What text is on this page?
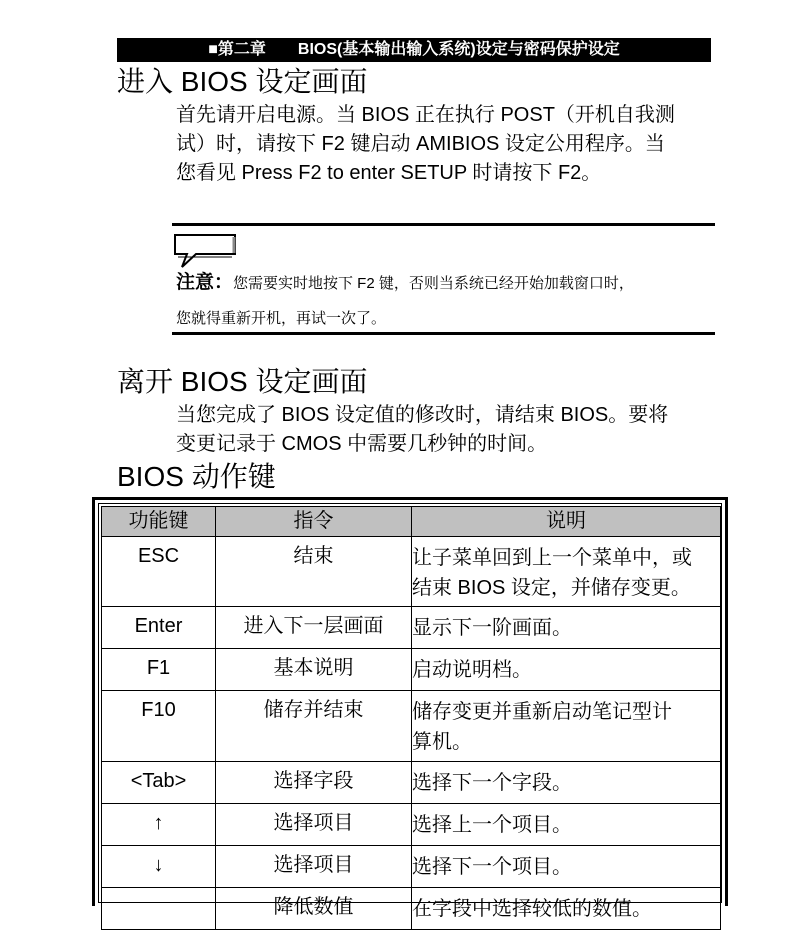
■第二章　　BIOS(基本输出输入系统)设定与密码保护设定
进入 BIOS 设定画面
首先请开启电源。当 BIOS 正在执行 POST（开机自我测
试）时，请按下 F2 键启动 AMIBIOS 设定公用程序。当
您看见 Press F2 to enter SETUP 时请按下 F2。
注意：您需要实时地按下 F2 键，否则当系统已经开始加载窗口时，
您就得重新开机，再试一次了。
离开 BIOS 设定画面
当您完成了 BIOS 设定值的修改时，请结束 BIOS。要将
变更记录于 CMOS 中需要几秒钟的时间。
BIOS 动作键
功能键	指令	说明
ESC	结束	让子菜单回到上一个菜单中，或
结束 BIOS 设定，并储存变更。

Enter	进入下一层画面	显示下一阶画面。

F1	基本说明	启动说明档。

F10	储存并结束	储存变更并重新启动笔记型计
算机。

<Tab>	选择字段	选择下一个字段。

↑	选择项目	选择上一个项目。

↓	选择项目	选择下一个项目。

	降低数值	在字段中选择较低的数值。
